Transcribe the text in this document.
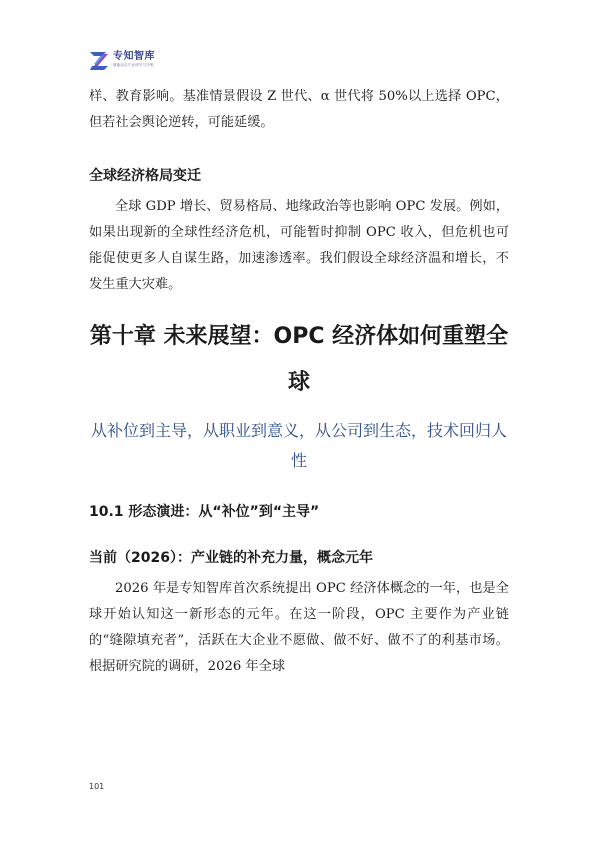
专知智库
赋能前沿产业研究与决策

样、教育影响。基准情景假设 Z 世代、α 世代将 50%以上选择 OPC，但若社会舆论逆转，可能延缓。

全球经济格局变迁

全球 GDP 增长、贸易格局、地缘政治等也影响 OPC 发展。例如，如果出现新的全球性经济危机，可能暂时抑制 OPC 收入，但危机也可能促使更多人自谋生路，加速渗透率。我们假设全球经济温和增长，不发生重大灾难。

第十章 未来展望：OPC 经济体如何重塑全球
从补位到主导，从职业到意义，从公司到生态，技术回归人性
10.1 形态演进：从“补位”到“主导”
当前（2026）：产业链的补充力量，概念元年

2026 年是专知智库首次系统提出 OPC 经济体概念的一年，也是全球开始认知这一新形态的元年。在这一阶段，OPC 主要作为产业链的“缝隙填充者”，活跃在大企业不愿做、做不好、做不了的利基市场。根据研究院的调研，2026 年全球

101
